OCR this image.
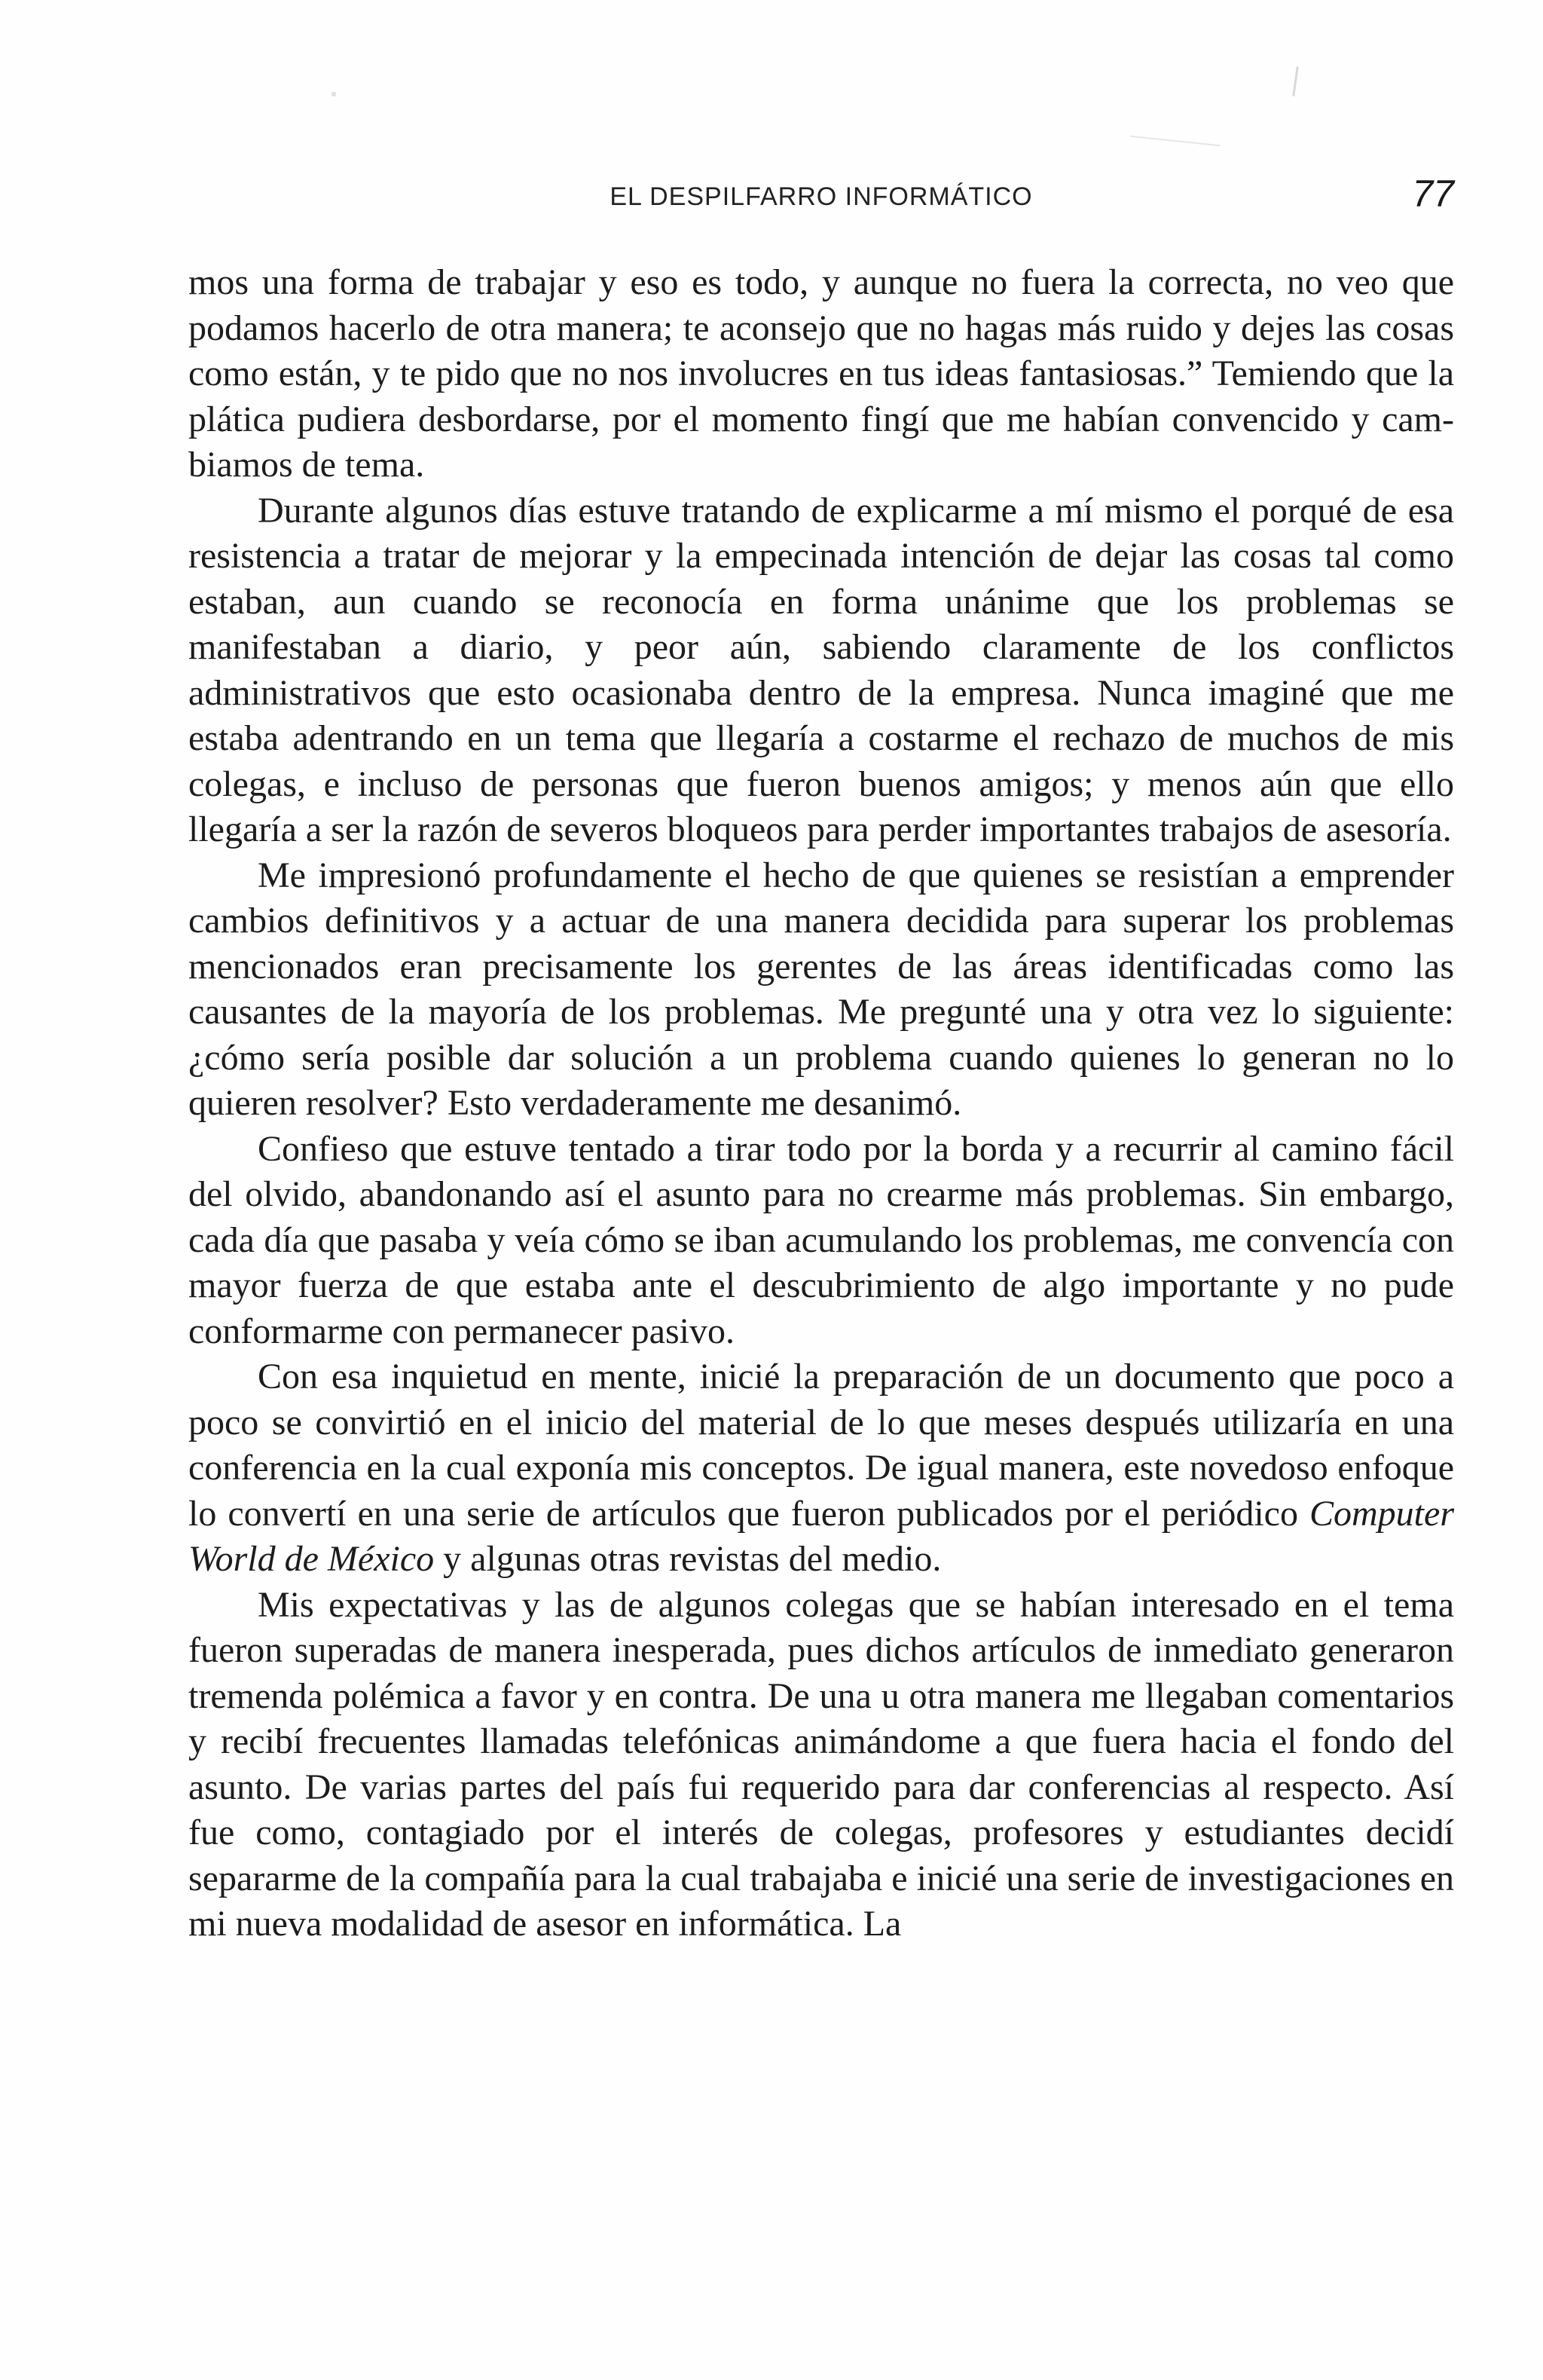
EL DESPILFARRO INFORMÁTICO	77

mos una forma de trabajar y eso es todo, y aunque no fuera la correcta, no veo que podamos hacerlo de otra manera; te aconsejo que no hagas más ruido y dejes las cosas como están, y te pido que no nos involucres en tus ideas fantasiosas.” Temiendo que la plática pudiera desbordarse, por el momento fingí que me habían convencido y cambiamos de tema.

Durante algunos días estuve tratando de explicarme a mí mismo el porqué de esa resistencia a tratar de mejorar y la empecinada intención de dejar las cosas tal como estaban, aun cuando se reconocía en forma unánime que los problemas se manifestaban a diario, y peor aún, sabiendo claramente de los conflictos administrativos que esto ocasionaba dentro de la empresa. Nunca imaginé que me estaba adentrando en un tema que llegaría a costarme el rechazo de muchos de mis colegas, e incluso de personas que fueron buenos amigos; y menos aún que ello llegaría a ser la razón de severos bloqueos para perder importantes trabajos de asesoría.

Me impresionó profundamente el hecho de que quienes se resistían a emprender cambios definitivos y a actuar de una manera decidida para superar los problemas mencionados eran precisamente los gerentes de las áreas identificadas como las causantes de la mayoría de los problemas. Me pregunté una y otra vez lo siguiente: ¿cómo sería posible dar solución a un problema cuando quienes lo generan no lo quieren resolver? Esto verdaderamente me desanimó.

Confieso que estuve tentado a tirar todo por la borda y a recurrir al camino fácil del olvido, abandonando así el asunto para no crearme más problemas. Sin embargo, cada día que pasaba y veía cómo se iban acumulando los problemas, me convencía con mayor fuerza de que estaba ante el descubrimiento de algo importante y no pude conformarme con permanecer pasivo.

Con esa inquietud en mente, inicié la preparación de un documento que poco a poco se convirtió en el inicio del material de lo que meses después utilizaría en una conferencia en la cual exponía mis conceptos. De igual manera, este novedoso enfoque lo convertí en una serie de artículos que fueron publicados por el periódico Computer World de México y algunas otras revistas del medio.

Mis expectativas y las de algunos colegas que se habían interesado en el tema fueron superadas de manera inesperada, pues dichos artículos de inmediato generaron tremenda polémica a favor y en contra. De una u otra manera me llegaban comentarios y recibí frecuentes llamadas telefónicas animándome a que fuera hacia el fondo del asunto. De varias partes del país fui requerido para dar conferencias al respecto. Así fue como, contagiado por el interés de colegas, profesores y estudiantes decidí separarme de la compañía para la cual trabajaba e inicié una serie de investigaciones en mi nueva modalidad de asesor en informática. La
